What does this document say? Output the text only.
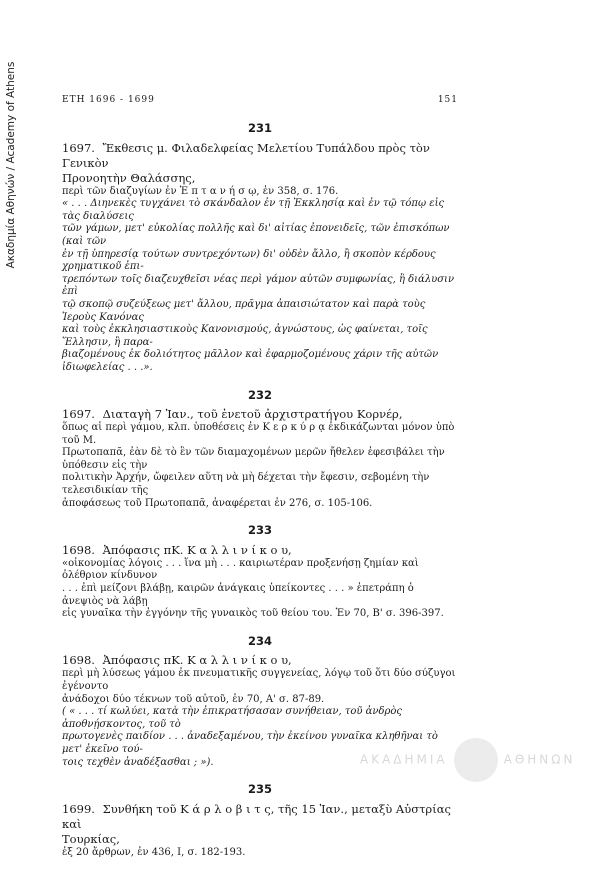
Ακαδημία Αθηνών / Academy of Athens	ΕΤΗ 1696 - 1699	151
231
1697. Ἔκθεσις μ. Φιλαδελφείας Μελετίου Τυπάλδου πρὸς τὸν Γενικὸν
Προνοητὴν Θαλάσσης,
περὶ τῶν διαζυγίων ἐν Ἑ π τ α ν ή σ ῳ, ἐν 358, σ. 176.
« . . . Διηνεκὲς τυγχάνει τὸ σκάνδαλον ἐν τῇ Ἐκκλησίᾳ καὶ ἐν τῷ τόπῳ εἰς τὰς διαλύσεις
τῶν γάμων, μετ' εὐκολίας πολλῆς καὶ δι' αἰτίας ἐπονειδεῖς, τῶν ἐπισκόπων (καὶ τῶν
ἐν τῇ ὑπηρεσίᾳ τούτων συντρεχόντων) δι' οὐδὲν ἄλλο, ἢ σκοπὸν κέρδους χρηματικοῦ ἐπι-
τρεπόντων τοῖς διαζευχθεῖσι νέας περὶ γάμον αὐτῶν συμφωνίας, ἢ διάλυσιν ἐπὶ
τῷ σκοπῷ συζεύξεως μετ' ἄλλου, πρᾶγμα ἀπαισιώτατον καὶ παρὰ τοὺς Ἱεροὺς Κανόνας
καὶ τοὺς ἐκκλησιαστικοὺς Κανονισμούς, ἀγνώστους, ὡς φαίνεται, τοῖς Ἕλλησιν, ἢ παρα-
βιαζομένους ἐκ δολιότητος μᾶλλον καὶ ἐφαρμοζομένους χάριν τῆς αὐτῶν ἰδιωφελείας . . .».
232
1697. Διαταγὴ 7 Ἰαν., τοῦ ἐνετοῦ ἀρχιστρατήγου Κορνέρ,
ὅπως αἱ περὶ γάμου, κλπ. ὑποθέσεις ἐν Κ ε ρ κ ύ ρ ᾳ ἐκδικάζωνται μόνον ὑπὸ τοῦ Μ.
Πρωτοπαπᾶ, ἐὰν δὲ τὸ ἓν τῶν διαμαχομένων μερῶν ἤθελεν ἐφεσιβάλει τὴν ὑπόθεσιν εἰς τὴν
πολιτικὴν Ἀρχήν, ὤφειλεν αὕτη νὰ μὴ δέχεται τὴν ἔφεσιν, σεβομένη τὴν τελεσιδικίαν τῆς
ἀποφάσεως τοῦ Πρωτοπαπᾶ, ἀναφέρεται ἐν 276, σ. 105-106.
233
1698. Ἀπόφασις πΚ. Κ α λ λ ι ν ί κ ο υ,
«οἰκονομίας λόγοις . . . ἵνα μὴ . . . καιριωτέραν προξενήσῃ ζημίαν καὶ ὀλέθριον κίνδυνον
. . . ἐπὶ μείζονι βλάβῃ, καιρῶν ἀνάγκαις ὑπείκοντες . . . » ἐπετράπη ὁ ἀνεψιὸς νὰ λάβῃ
εἰς γυναῖκα τὴν ἐγγόνην τῆς γυναικὸς τοῦ θείου του. Ἐν 70, Β' σ. 396-397.
234
1698. Ἀπόφασις πΚ. Κ α λ λ ι ν ί κ ο υ,
περὶ μὴ λύσεως γάμου ἐκ πνευματικῆς συγγενείας, λόγῳ τοῦ ὅτι δύο σύζυγοι ἐγένοντο
ἀνάδοχοι δύο τέκνων τοῦ αὐτοῦ, ἐν 70, Α' σ. 87-89.
( « . . . τί κωλύει, κατὰ τὴν ἐπικρατήσασαν συνήθειαν, τοῦ ἀνδρὸς ἀποθνῄσκοντος, τοῦ τὸ
πρωτογενὲς παιδίον . . . ἀναδεξαμένου, τὴν ἐκείνου γυναῖκα κληθῆναι τὸ μετ' ἐκεῖνο τού-
τοις τεχθὲν ἀναδέξασθαι ; »).
235
1699. Συνθήκη τοῦ Κ ά ρ λ ο β ι τ ς, τῆς 15 Ἰαν., μεταξὺ Αὐστρίας καὶ
Τουρκίας,
ἐξ 20 ἄρθρων, ἐν 436, Ι, σ. 182-193.
ΑΚΑΔΗΜΙΑ	ΑΘΗΝΩΝ
